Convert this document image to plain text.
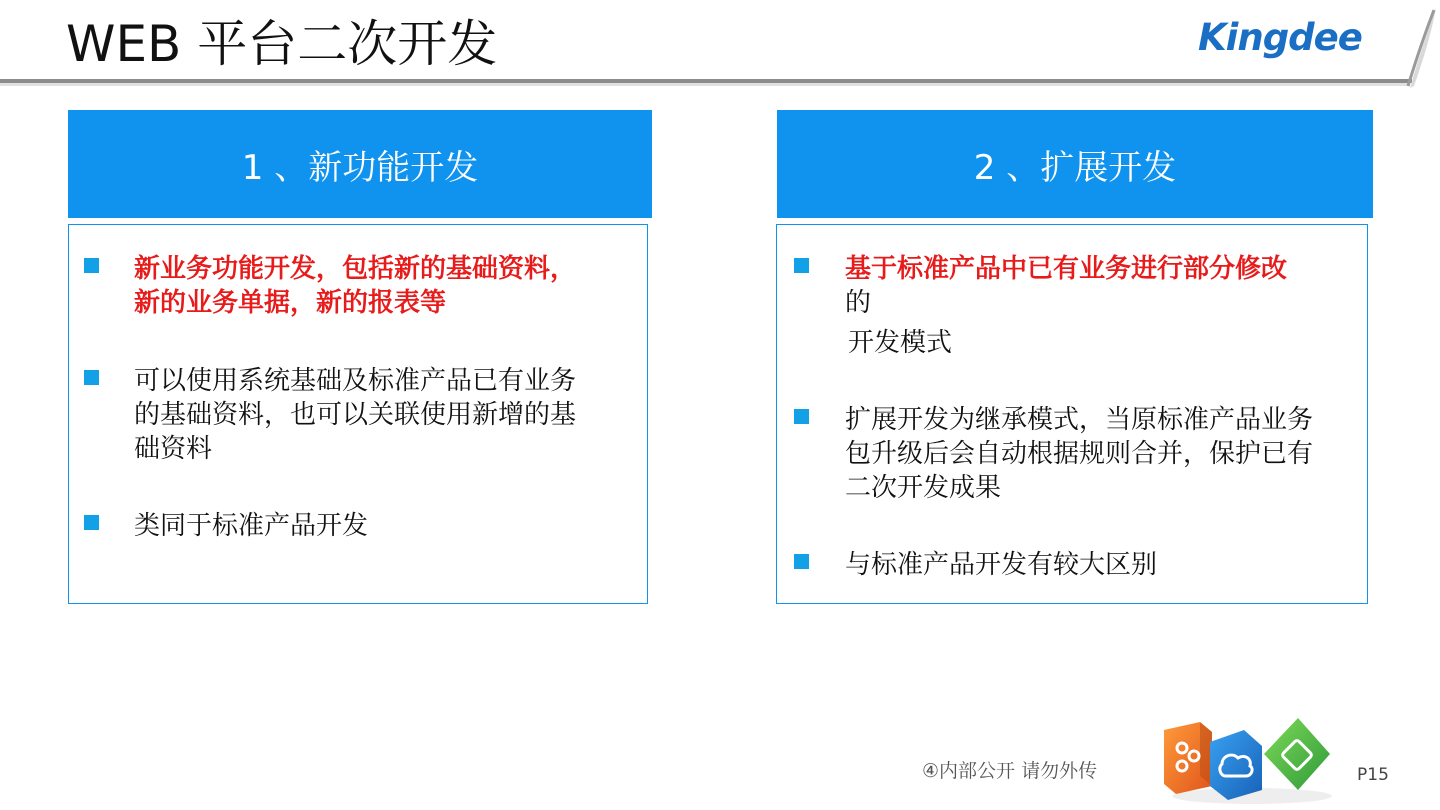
WEB 平台二次开发	Kingdee
1 、新功能开发
新业务功能开发，包括新的基础资料，
新的业务单据，新的报表等
可以使用系统基础及标准产品已有业务
的基础资料，也可以关联使用新增的基
础资料
类同于标准产品开发
2 、扩展开发
基于标准产品中已有业务进行部分修改
的
开发模式
扩展开发为继承模式，当原标准产品业务
包升级后会自动根据规则合并，保护已有
二次开发成果
与标准产品开发有较大区别
④内部公开 请勿外传	P15
